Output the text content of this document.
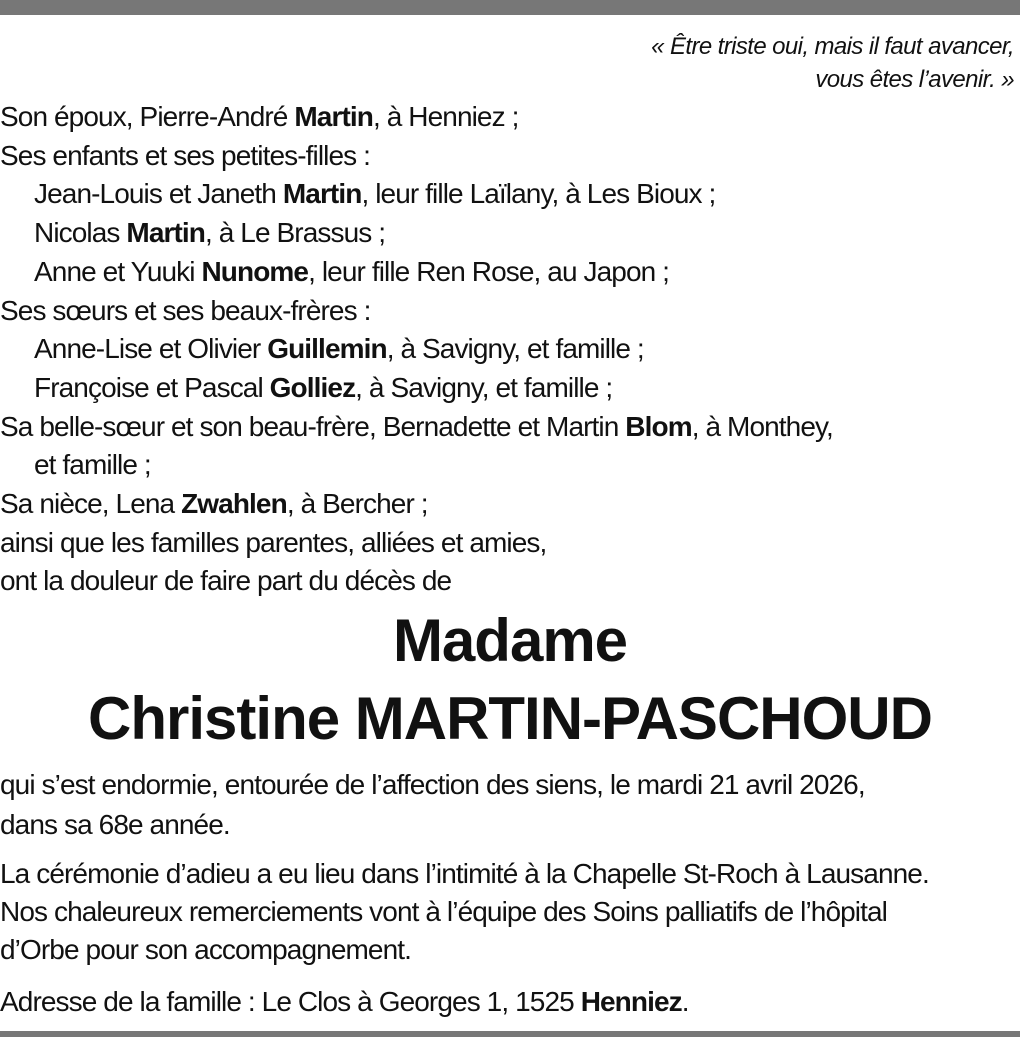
« Être triste oui, mais il faut avancer,
vous êtes l’avenir. »
Son époux, Pierre-André Martin, à Henniez ;
Ses enfants et ses petites-filles :
Jean-Louis et Janeth Martin, leur fille Laïlany, à Les Bioux ;
Nicolas Martin, à Le Brassus ;
Anne et Yuuki Nunome, leur fille Ren Rose, au Japon ;
Ses sœurs et ses beaux-frères :
Anne-Lise et Olivier Guillemin, à Savigny, et famille ;
Françoise et Pascal Golliez, à Savigny, et famille ;
Sa belle-sœur et son beau-frère, Bernadette et Martin Blom, à Monthey,
et famille ;
Sa nièce, Lena Zwahlen, à Bercher ;
ainsi que les familles parentes, alliées et amies,
ont la douleur de faire part du décès de
Madame
Christine MARTIN-PASCHOUD
qui s’est endormie, entourée de l’affection des siens, le mardi 21 avril 2026,
dans sa 68e année.
La cérémonie d’adieu a eu lieu dans l’intimité à la Chapelle St-Roch à Lausanne.
Nos chaleureux remerciements vont à l’équipe des Soins palliatifs de l’hôpital
d’Orbe pour son accompagnement.
Adresse de la famille : Le Clos à Georges 1, 1525 Henniez.
